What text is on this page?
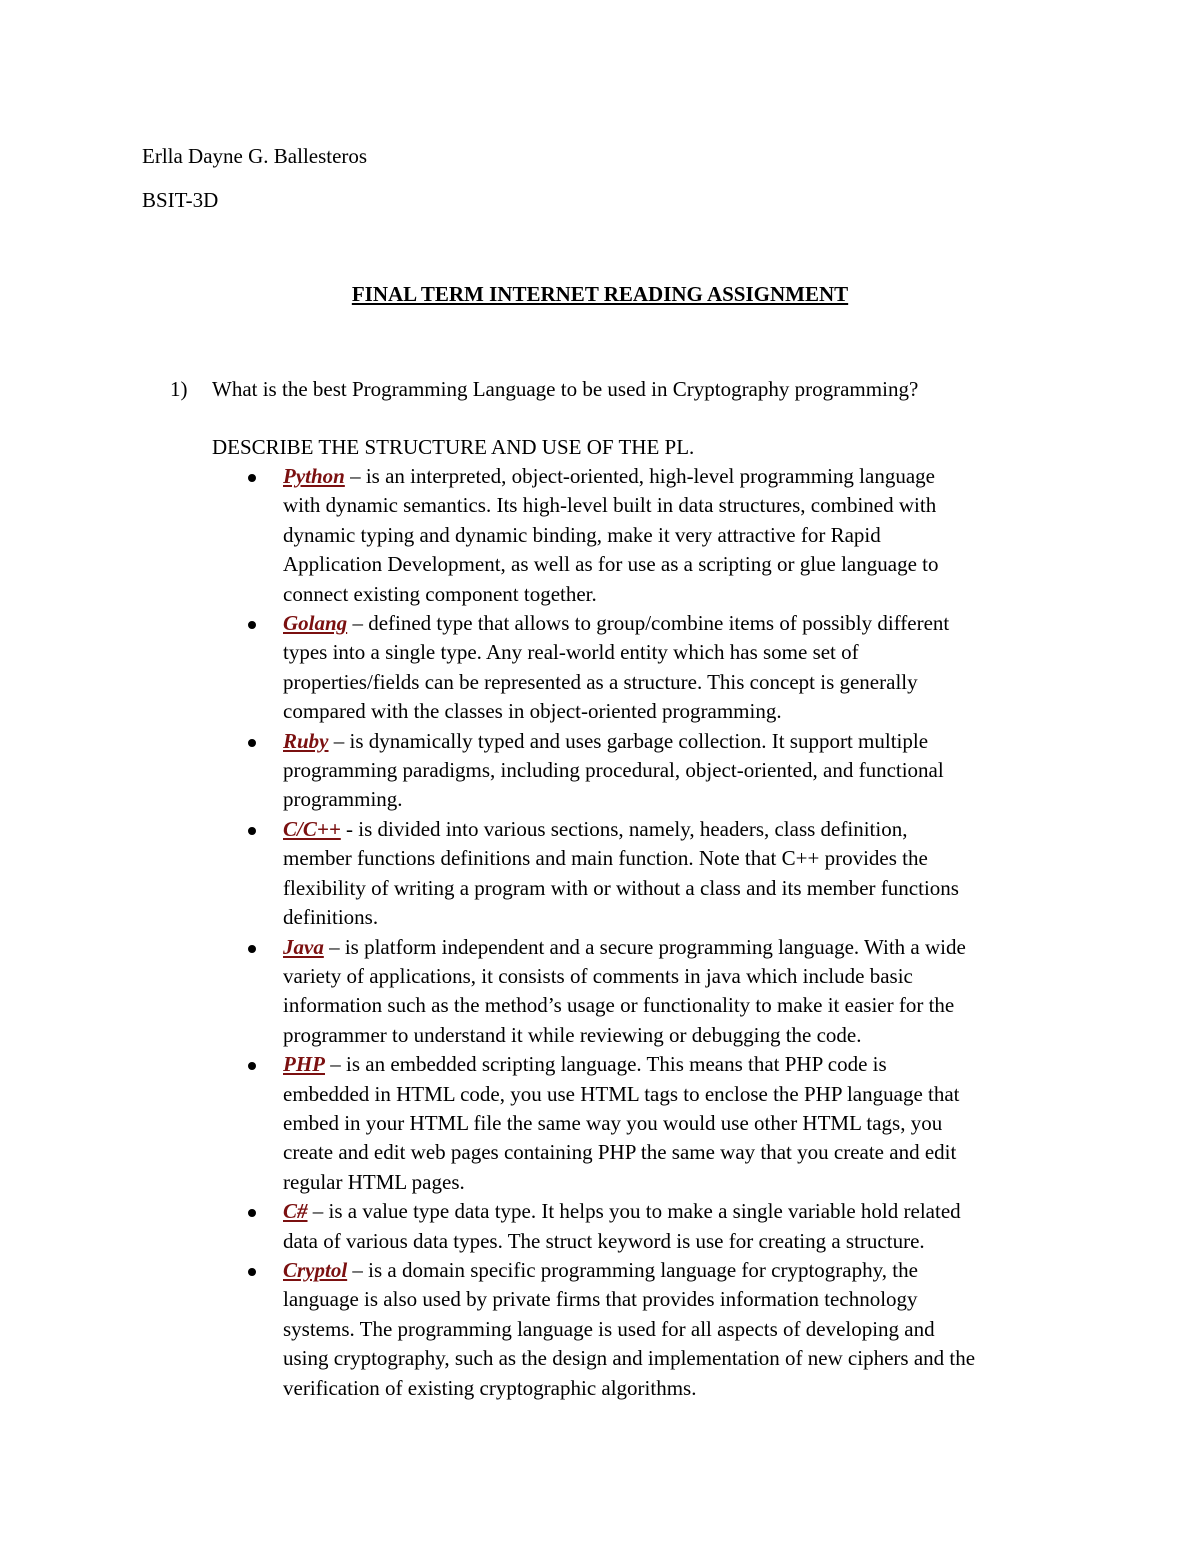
Erlla Dayne G. Ballesteros
BSIT-3D
FINAL TERM INTERNET READING ASSIGNMENT
1) What is the best Programming Language to be used in Cryptography programming?
DESCRIBE THE STRUCTURE AND USE OF THE PL.
Python – is an interpreted, object-oriented, high-level programming language
with dynamic semantics. Its high-level built in data structures, combined with
dynamic typing and dynamic binding, make it very attractive for Rapid
Application Development, as well as for use as a scripting or glue language to
connect existing component together.
Golang – defined type that allows to group/combine items of possibly different
types into a single type. Any real-world entity which has some set of
properties/fields can be represented as a structure. This concept is generally
compared with the classes in object-oriented programming.
Ruby – is dynamically typed and uses garbage collection. It support multiple
programming paradigms, including procedural, object-oriented, and functional
programming.
C/C++ - is divided into various sections, namely, headers, class definition,
member functions definitions and main function. Note that C++ provides the
flexibility of writing a program with or without a class and its member functions
definitions.
Java – is platform independent and a secure programming language. With a wide
variety of applications, it consists of comments in java which include basic
information such as the method’s usage or functionality to make it easier for the
programmer to understand it while reviewing or debugging the code.
PHP – is an embedded scripting language. This means that PHP code is
embedded in HTML code, you use HTML tags to enclose the PHP language that
embed in your HTML file the same way you would use other HTML tags, you
create and edit web pages containing PHP the same way that you create and edit
regular HTML pages.
C# – is a value type data type. It helps you to make a single variable hold related
data of various data types. The struct keyword is use for creating a structure.
Cryptol – is a domain specific programming language for cryptography, the
language is also used by private firms that provides information technology
systems. The programming language is used for all aspects of developing and
using cryptography, such as the design and implementation of new ciphers and the
verification of existing cryptographic algorithms.
